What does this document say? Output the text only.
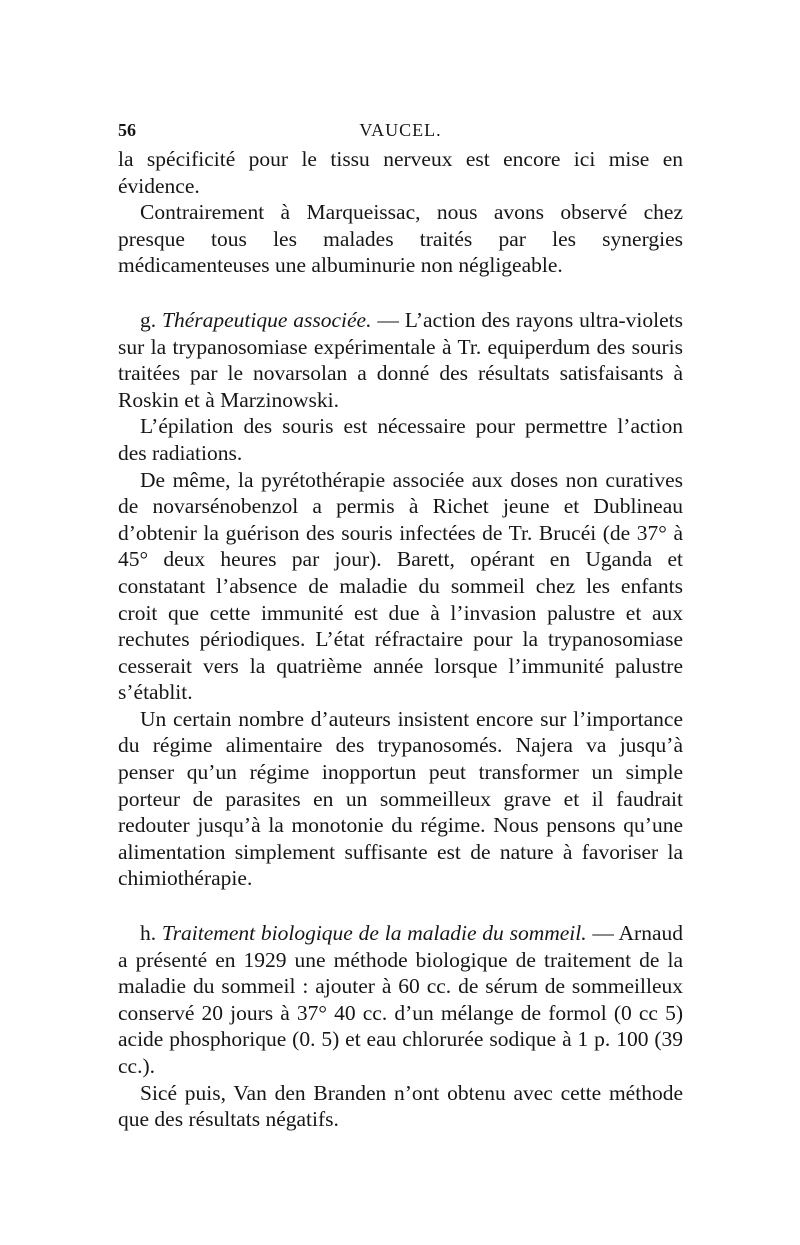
56	VAUCEL.

la spécificité pour le tissu nerveux est encore ici mise en évidence.

Contrairement à Marqueissac, nous avons observé chez presque tous les malades traités par les synergies médicamenteuses une albuminurie non négligeable.

g. Thérapeutique associée. — L’action des rayons ultra-violets sur la trypanosomiase expérimentale à Tr. equiperdum des souris traitées par le novarsolan a donné des résultats satisfaisants à Roskin et à Marzinowski.

L’épilation des souris est nécessaire pour permettre l’action des radiations.

De même, la pyrétothérapie associée aux doses non curatives de novarsénobenzol a permis à Richet jeune et Dublineau d’obtenir la guérison des souris infectées de Tr. Brucéi (de 37° à 45° deux heures par jour). Barett, opérant en Uganda et constatant l’absence de maladie du sommeil chez les enfants croit que cette immunité est due à l’invasion palustre et aux rechutes périodiques. L’état réfractaire pour la trypanosomiase cesserait vers la quatrième année lorsque l’immunité palustre s’établit.

Un certain nombre d’auteurs insistent encore sur l’importance du régime alimentaire des trypanosomés. Najera va jusqu’à penser qu’un régime inopportun peut transformer un simple porteur de parasites en un sommeilleux grave et il faudrait redouter jusqu’à la monotonie du régime. Nous pensons qu’une alimentation simplement suffisante est de nature à favoriser la chimiothérapie.

h. Traitement biologique de la maladie du sommeil. — Arnaud a présenté en 1929 une méthode biologique de traitement de la maladie du sommeil : ajouter à 60 cc. de sérum de sommeilleux conservé 20 jours à 37° 40 cc. d’un mélange de formol (0 cc 5) acide phosphorique (0. 5) et eau chlorurée sodique à 1 p. 100 (39 cc.).

Sicé puis, Van den Branden n’ont obtenu avec cette méthode que des résultats négatifs.
